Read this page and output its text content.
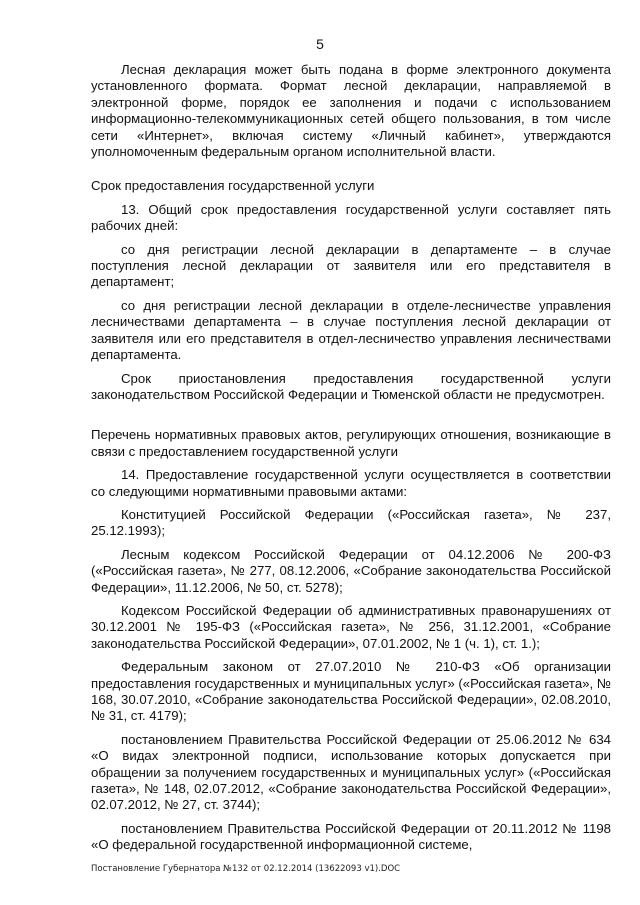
5

Лесная декларация может быть подана в форме электронного документа установленного формата. Формат лесной декларации, направляемой в электронной форме, порядок ее заполнения и подачи с использованием информационно-телекоммуникационных сетей общего пользования, в том числе сети «Интернет», включая систему «Личный кабинет», утверждаются уполномоченным федеральным органом исполнительной власти.

Срок предоставления государственной услуги

13. Общий срок предоставления государственной услуги составляет пять рабочих дней:

со дня регистрации лесной декларации в департаменте – в случае поступления лесной декларации от заявителя или его представителя в департамент;

со дня регистрации лесной декларации в отделе-лесничестве управления лесничествами департамента – в случае поступления лесной декларации от заявителя или его представителя в отдел-лесничество управления лесничествами департамента.

Срок приостановления предоставления государственной услуги законодательством Российской Федерации и Тюменской области не предусмотрен.

Перечень нормативных правовых актов, регулирующих отношения, возникающие в связи с предоставлением государственной услуги

14. Предоставление государственной услуги осуществляется в соответствии со следующими нормативными правовыми актами:

Конституцией Российской Федерации («Российская газета», № 237, 25.12.1993);

Лесным кодексом Российской Федерации от 04.12.2006 № 200-ФЗ («Российская газета», № 277, 08.12.2006, «Собрание законодательства Российской Федерации», 11.12.2006, № 50, ст. 5278);

Кодексом Российской Федерации об административных правонарушениях от 30.12.2001 № 195-ФЗ («Российская газета», № 256, 31.12.2001, «Собрание законодательства Российской Федерации», 07.01.2002, № 1 (ч. 1), ст. 1.);

Федеральным законом от 27.07.2010 № 210-ФЗ «Об организации предоставления государственных и муниципальных услуг» («Российская газета», № 168, 30.07.2010, «Собрание законодательства Российской Федерации», 02.08.2010, № 31, ст. 4179);

постановлением Правительства Российской Федерации от 25.06.2012 № 634 «О видах электронной подписи, использование которых допускается при обращении за получением государственных и муниципальных услуг» («Российская газета», № 148, 02.07.2012, «Собрание законодательства Российской Федерации», 02.07.2012, № 27, ст. 3744);

постановлением Правительства Российской Федерации от 20.11.2012 № 1198 «О федеральной государственной информационной системе,

Постановление Губернатора №132 от 02.12.2014 (13622093 v1).DOC
